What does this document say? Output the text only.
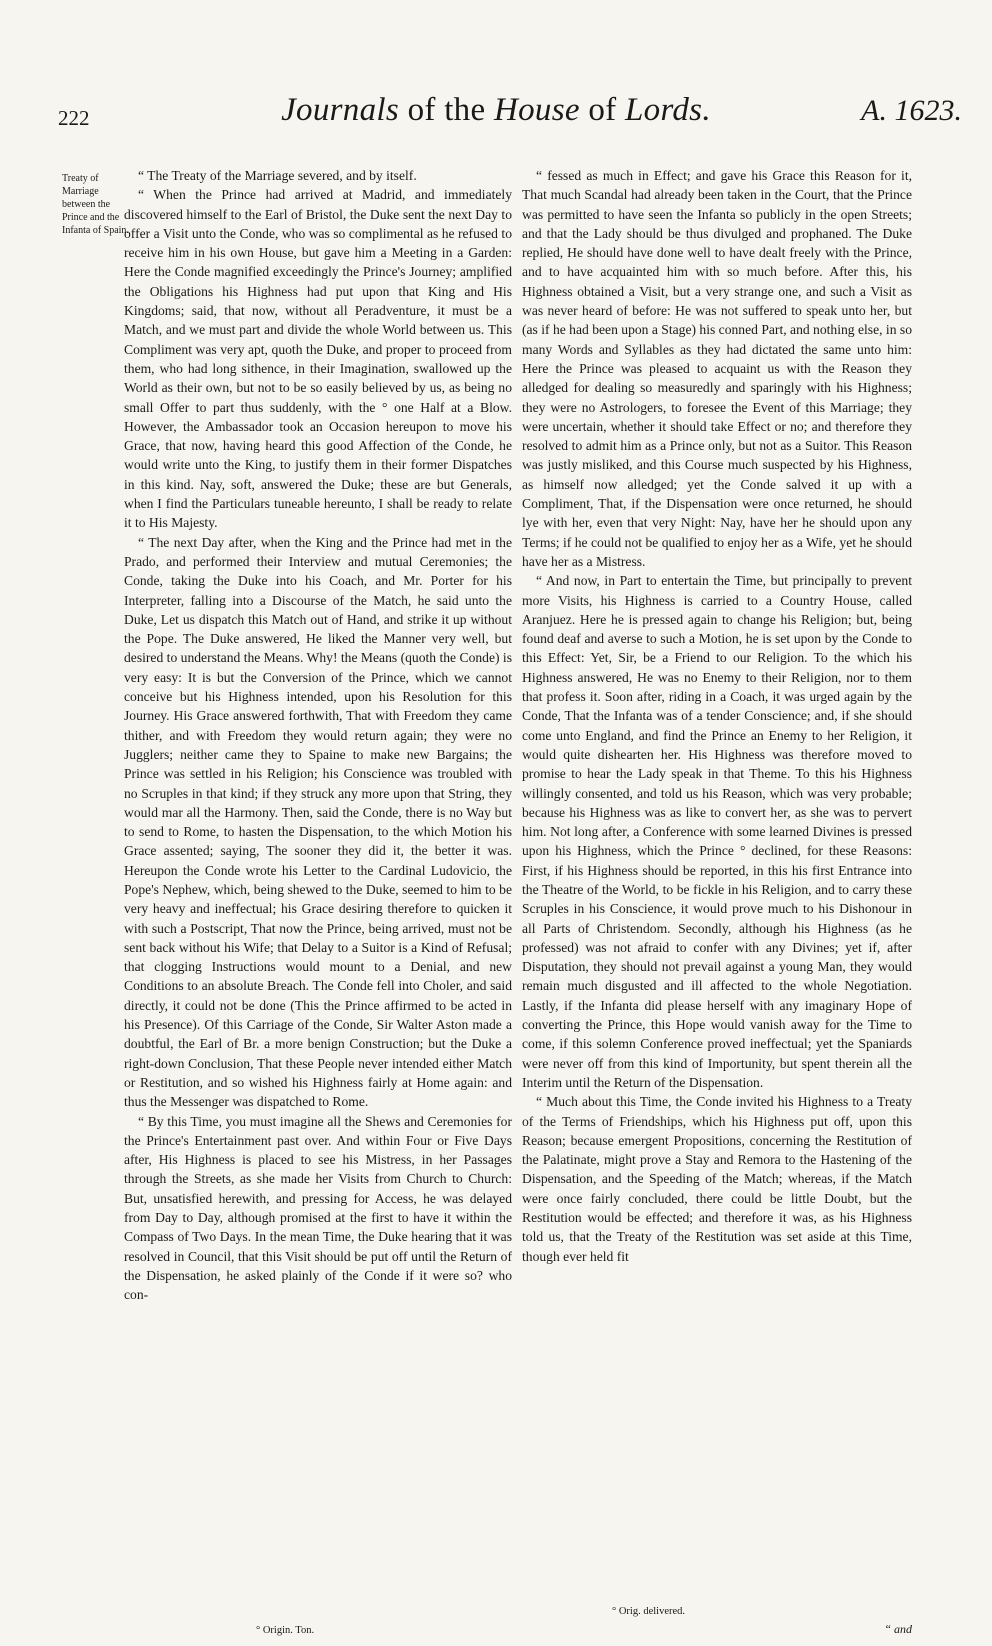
222	Journals of the House of Lords.	A. 1623.
Treaty of Marriage between the Prince and the Infanta of Spain.

“ The Treaty of the Marriage severed, and by itself.

“ When the Prince had arrived at Madrid, and immediately discovered himself to the Earl of Bristol, the Duke sent the next Day to offer a Visit unto the Conde, who was so complimental as he refused to receive him in his own House, but gave him a Meeting in a Garden: Here the Conde magnified exceedingly the Prince's Journey; amplified the Obligations his Highness had put upon that King and His Kingdoms; said, that now, without all Peradventure, it must be a Match, and we must part and divide the whole World between us. This Compliment was very apt, quoth the Duke, and proper to proceed from them, who had long sithence, in their Imagination, swallowed up the World as their own, but not to be so easily believed by us, as being no small Offer to part thus suddenly, with the ° one Half at a Blow. However, the Ambassador took an Occasion hereupon to move his Grace, that now, having heard this good Affection of the Conde, he would write unto the King, to justify them in their former Dispatches in this kind. Nay, soft, answered the Duke; these are but Generals, when I find the Particulars tuneable hereunto, I shall be ready to relate it to His Majesty.

“ The next Day after, when the King and the Prince had met in the Prado, and performed their Interview and mutual Ceremonies; the Conde, taking the Duke into his Coach, and Mr. Porter for his Interpreter, falling into a Discourse of the Match, he said unto the Duke, Let us dispatch this Match out of Hand, and strike it up without the Pope. The Duke answered, He liked the Manner very well, but desired to understand the Means. Why! the Means (quoth the Conde) is very easy: It is but the Conversion of the Prince, which we cannot conceive but his Highness intended, upon his Resolution for this Journey. His Grace answered forthwith, That with Freedom they came thither, and with Freedom they would return again; they were no Jugglers; neither came they to Spaine to make new Bargains; the Prince was settled in his Religion; his Conscience was troubled with no Scruples in that kind; if they struck any more upon that String, they would mar all the Harmony. Then, said the Conde, there is no Way but to send to Rome, to hasten the Dispensation, to the which Motion his Grace assented; saying, The sooner they did it, the better it was. Hereupon the Conde wrote his Letter to the Cardinal Ludovicio, the Pope's Nephew, which, being shewed to the Duke, seemed to him to be very heavy and ineffectual; his Grace desiring therefore to quicken it with such a Postscript, That now the Prince, being arrived, must not be sent back without his Wife; that Delay to a Suitor is a Kind of Refusal; that clogging Instructions would mount to a Denial, and new Conditions to an absolute Breach. The Conde fell into Choler, and said directly, it could not be done (This the Prince affirmed to be acted in his Presence). Of this Carriage of the Conde, Sir Walter Aston made a doubtful, the Earl of Br. a more benign Construction; but the Duke a right-down Conclusion, That these People never intended either Match or Restitution, and so wished his Highness fairly at Home again: and thus the Messenger was dispatched to Rome.

“ By this Time, you must imagine all the Shews and Ceremonies for the Prince's Entertainment past over. And within Four or Five Days after, His Highness is placed to see his Mistress, in her Passages through the Streets, as she made her Visits from Church to Church: But, unsatisfied herewith, and pressing for Access, he was delayed from Day to Day, although promised at the first to have it within the Compass of Two Days. In the mean Time, the Duke hearing that it was resolved in Council, that this Visit should be put off until the Return of the Dispensation, he asked plainly of the Conde if it were so? who con-

“ fessed as much in Effect; and gave his Grace this Reason for it, That much Scandal had already been taken in the Court, that the Prince was permitted to have seen the Infanta so publicly in the open Streets; and that the Lady should be thus divulged and prophaned. The Duke replied, He should have done well to have dealt freely with the Prince, and to have acquainted him with so much before. After this, his Highness obtained a Visit, but a very strange one, and such a Visit as was never heard of before: He was not suffered to speak unto her, but (as if he had been upon a Stage) his conned Part, and nothing else, in so many Words and Syllables as they had dictated the same unto him: Here the Prince was pleased to acquaint us with the Reason they alledged for dealing so measuredly and sparingly with his Highness; they were no Astrologers, to foresee the Event of this Marriage; they were uncertain, whether it should take Effect or no; and therefore they resolved to admit him as a Prince only, but not as a Suitor. This Reason was justly misliked, and this Course much suspected by his Highness, as himself now alledged; yet the Conde salved it up with a Compliment, That, if the Dispensation were once returned, he should lye with her, even that very Night: Nay, have her he should upon any Terms; if he could not be qualified to enjoy her as a Wife, yet he should have her as a Mistress.

“ And now, in Part to entertain the Time, but principally to prevent more Visits, his Highness is carried to a Country House, called Aranjuez. Here he is pressed again to change his Religion; but, being found deaf and averse to such a Motion, he is set upon by the Conde to this Effect: Yet, Sir, be a Friend to our Religion. To the which his Highness answered, He was no Enemy to their Religion, nor to them that profess it. Soon after, riding in a Coach, it was urged again by the Conde, That the Infanta was of a tender Conscience; and, if she should come unto England, and find the Prince an Enemy to her Religion, it would quite dishearten her. His Highness was therefore moved to promise to hear the Lady speak in that Theme. To this his Highness willingly consented, and told us his Reason, which was very probable; because his Highness was as like to convert her, as she was to pervert him. Not long after, a Conference with some learned Divines is pressed upon his Highness, which the Prince ° declined, for these Reasons: First, if his Highness should be reported, in this his first Entrance into the Theatre of the World, to be fickle in his Religion, and to carry these Scruples in his Conscience, it would prove much to his Dishonour in all Parts of Christendom. Secondly, although his Highness (as he professed) was not afraid to confer with any Divines; yet if, after Disputation, they should not prevail against a young Man, they would remain much disgusted and ill affected to the whole Negotiation. Lastly, if the Infanta did please herself with any imaginary Hope of converting the Prince, this Hope would vanish away for the Time to come, if this solemn Conference proved ineffectual; yet the Spaniards were never off from this kind of Importunity, but spent therein all the Interim until the Return of the Dispensation.

“ Much about this Time, the Conde invited his Highness to a Treaty of the Terms of Friendships, which his Highness put off, upon this Reason; because emergent Propositions, concerning the Restitution of the Palatinate, might prove a Stay and Remora to the Hastening of the Dispensation, and the Speeding of the Match; whereas, if the Match were once fairly concluded, there could be little Doubt, but the Restitution would be effected; and therefore it was, as his Highness told us, that the Treaty of the Restitution was set aside at this Time, though ever held fit

° Origin. Ton.
° Orig. delivered.
“ and
